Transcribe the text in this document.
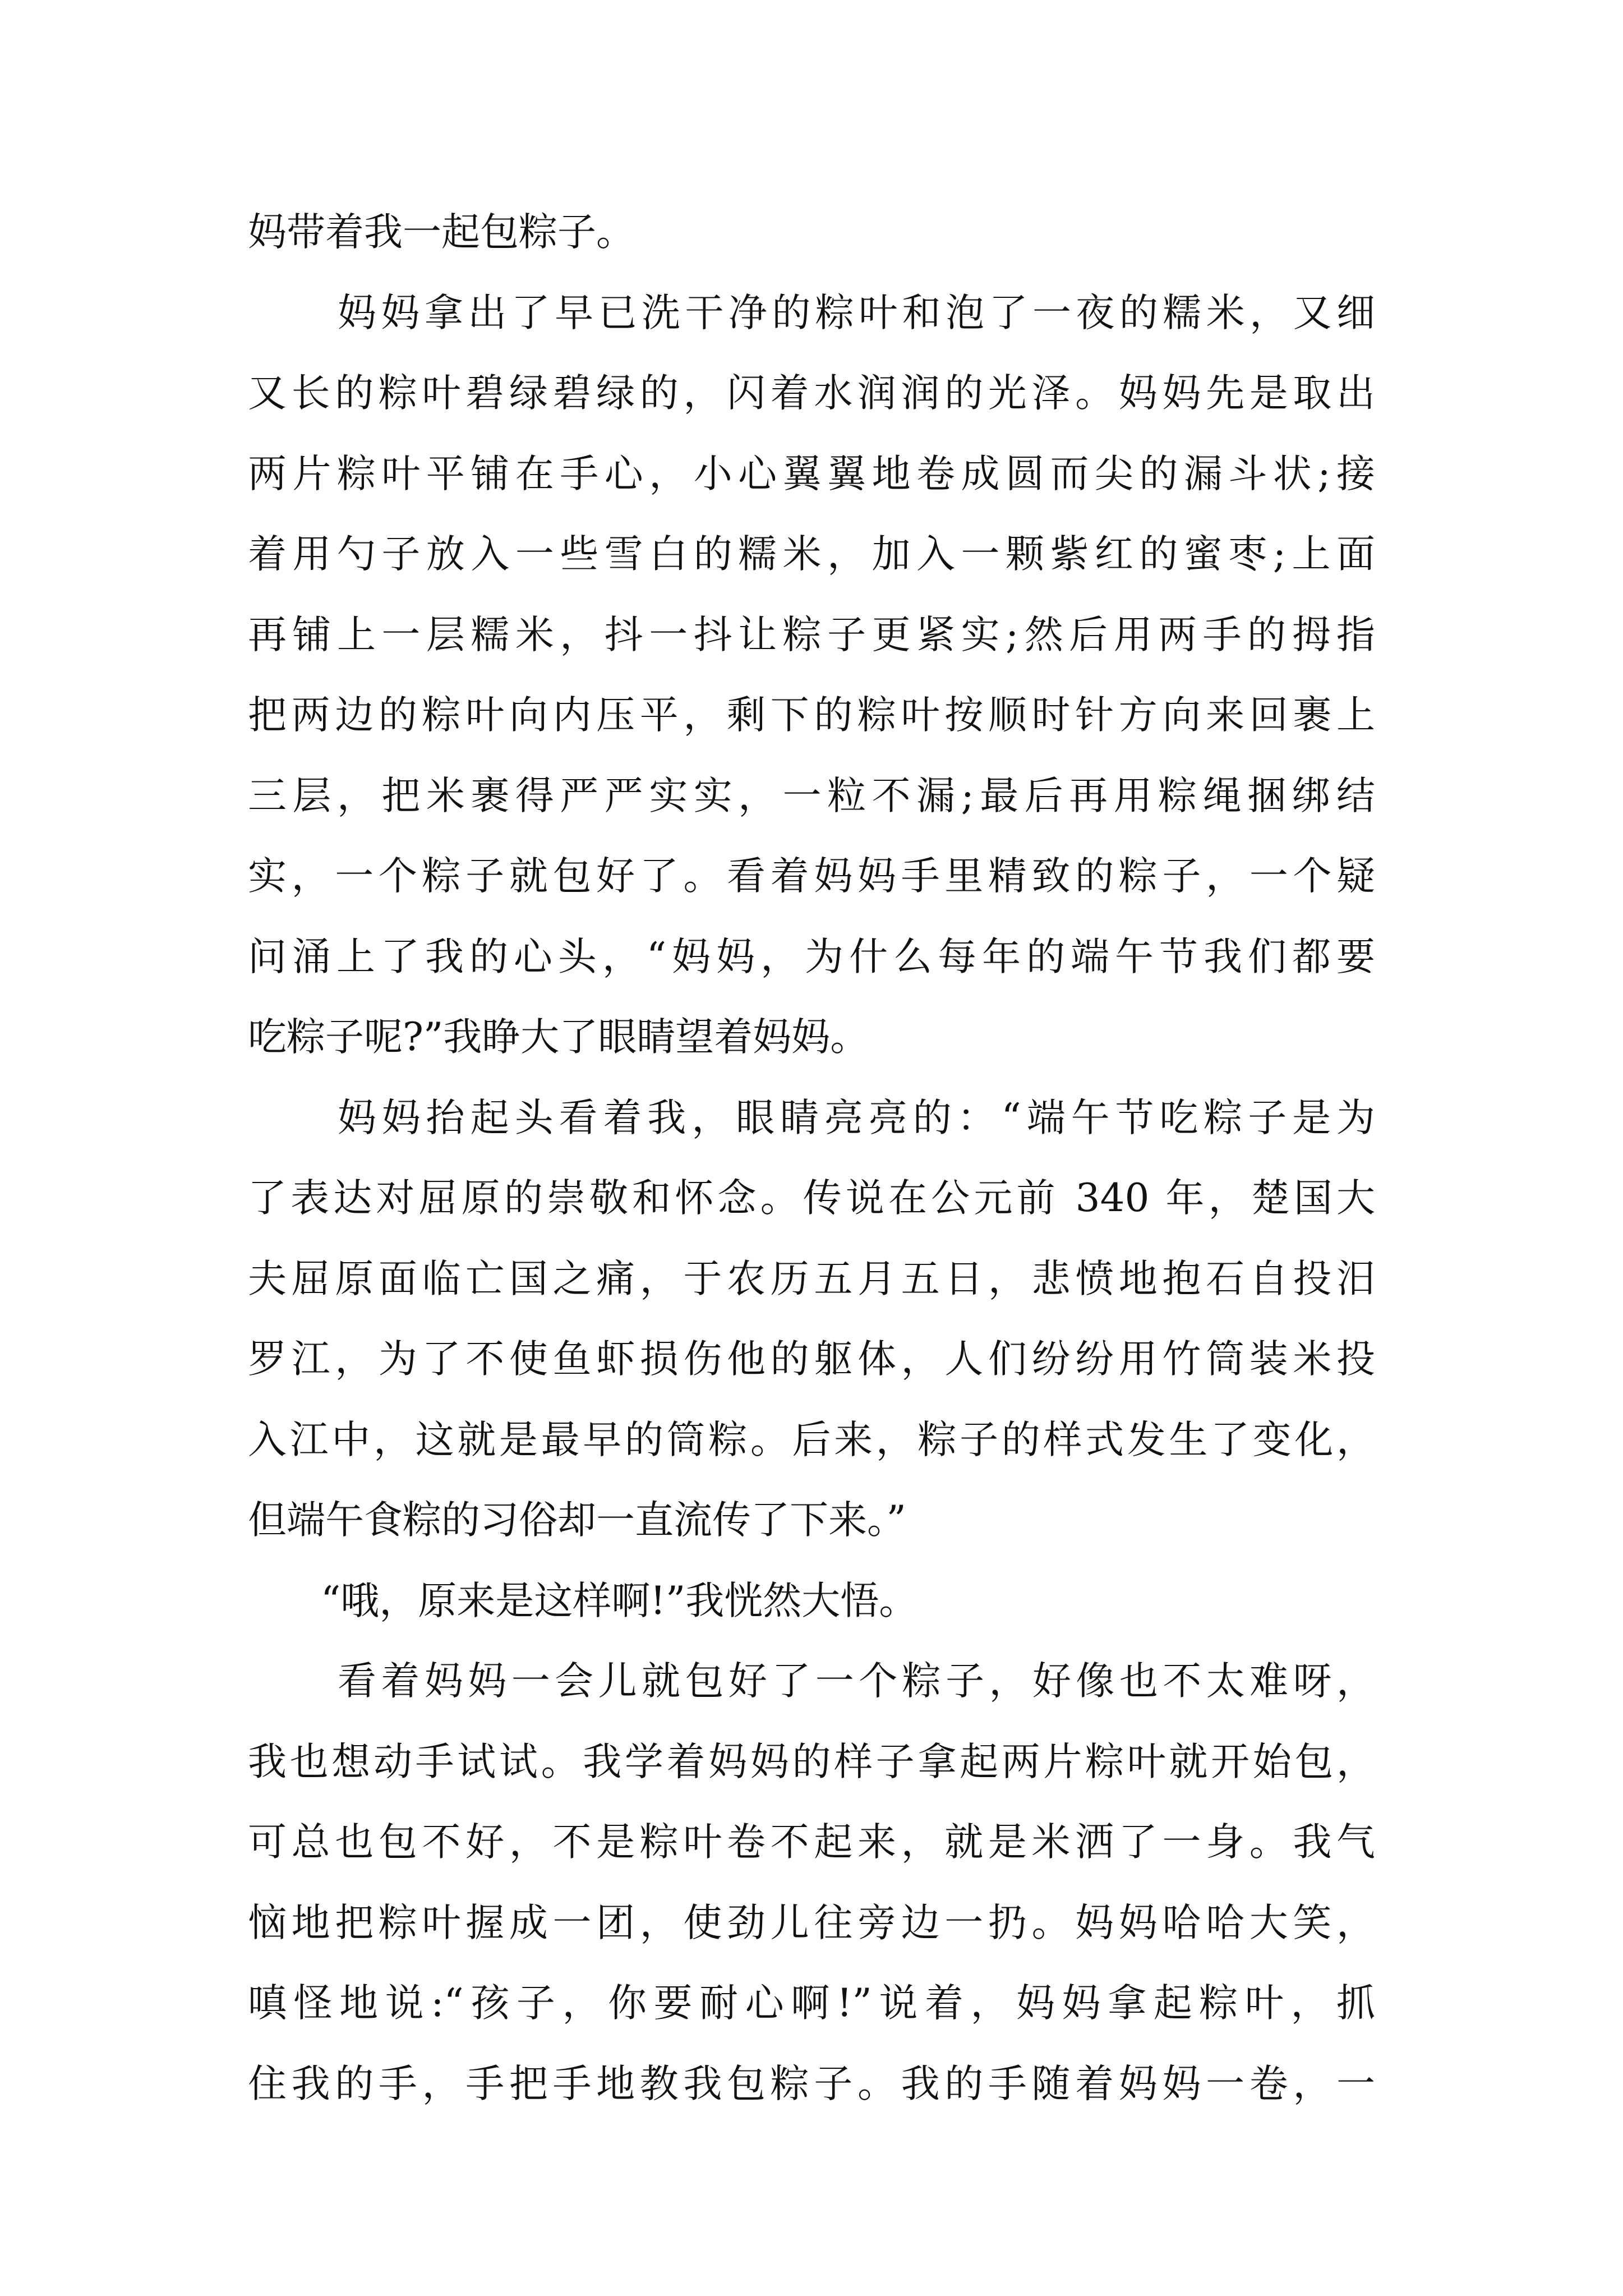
妈带着我一起包粽子。
妈妈拿出了早已洗干净的粽叶和泡了一夜的糯米，又细
又长的粽叶碧绿碧绿的，闪着水润润的光泽。妈妈先是取出
两片粽叶平铺在手心，小心翼翼地卷成圆而尖的漏斗状;接
着用勺子放入一些雪白的糯米，加入一颗紫红的蜜枣;上面
再铺上一层糯米，抖一抖让粽子更紧实;然后用两手的拇指
把两边的粽叶向内压平，剩下的粽叶按顺时针方向来回裹上
三层，把米裹得严严实实，一粒不漏;最后再用粽绳捆绑结
实，一个粽子就包好了。看着妈妈手里精致的粽子，一个疑
问涌上了我的心头，“妈妈，为什么每年的端午节我们都要
吃粽子呢?”我睁大了眼睛望着妈妈。
妈妈抬起头看着我，眼睛亮亮的：“端午节吃粽子是为
了表达对屈原的崇敬和怀念。传说在公元前 340 年，楚国大
夫屈原面临亡国之痛，于农历五月五日，悲愤地抱石自投汨
罗江，为了不使鱼虾损伤他的躯体，人们纷纷用竹筒装米投
入江中，这就是最早的筒粽。后来，粽子的样式发生了变化，
但端午食粽的习俗却一直流传了下来。”
“哦，原来是这样啊!”我恍然大悟。
看着妈妈一会儿就包好了一个粽子，好像也不太难呀，
我也想动手试试。我学着妈妈的样子拿起两片粽叶就开始包，
可总也包不好，不是粽叶卷不起来，就是米洒了一身。我气
恼地把粽叶握成一团，使劲儿往旁边一扔。妈妈哈哈大笑，
嗔怪地说:“孩子，你要耐心啊!”说着，妈妈拿起粽叶，抓
住我的手，手把手地教我包粽子。我的手随着妈妈一卷，一
